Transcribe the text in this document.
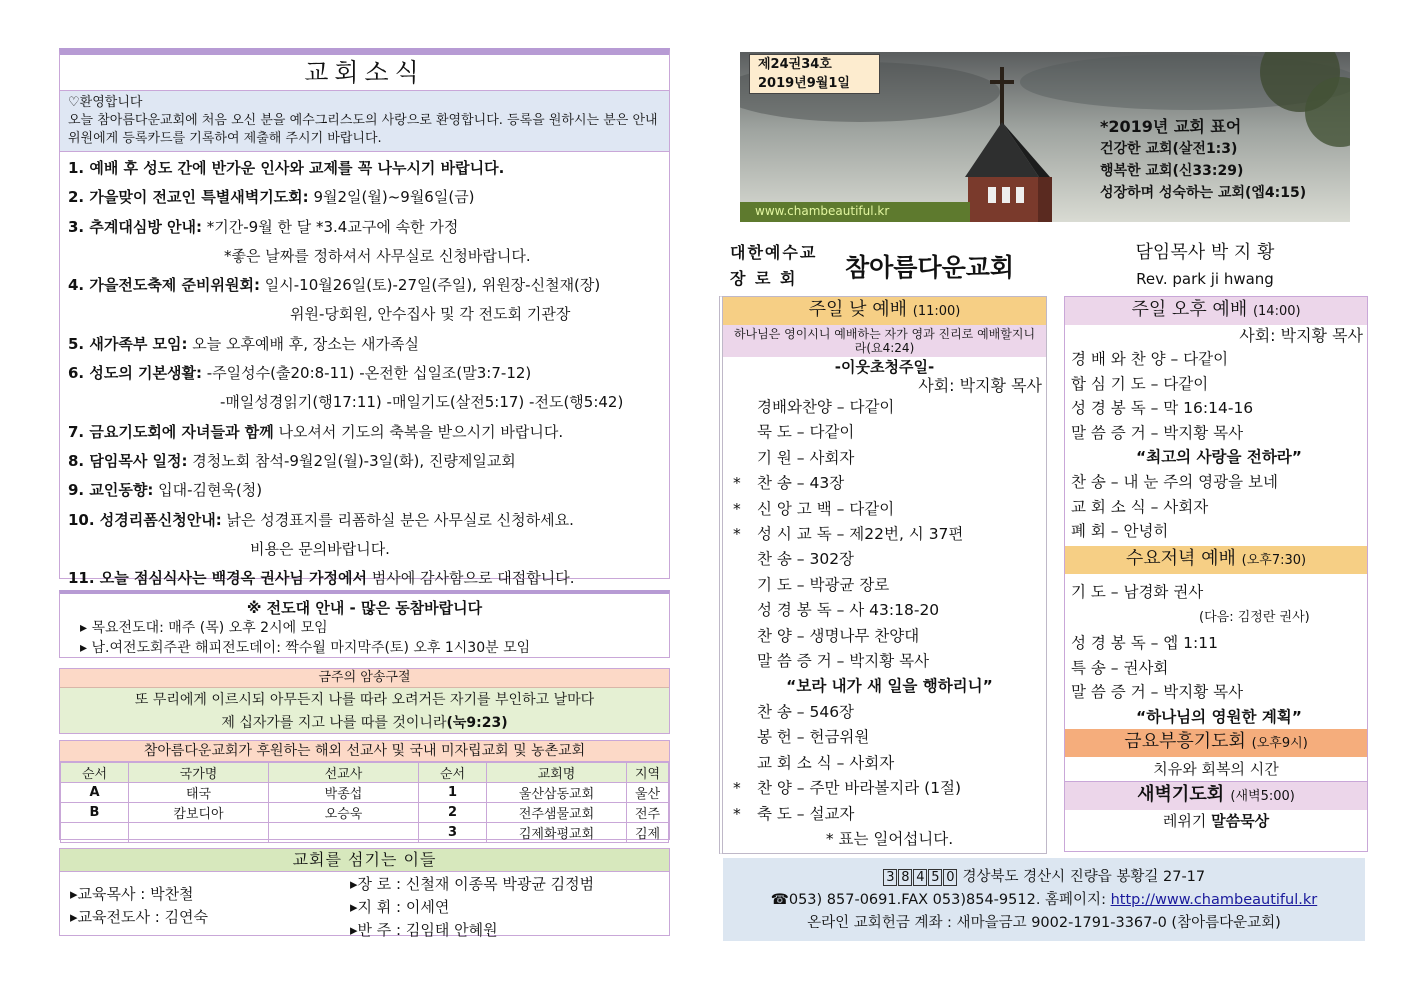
교회소식
♡환영합니다
오늘 참아름다운교회에 처음 오신 분을 예수그리스도의 사랑으로 환영합니다. 등록을 원하시는 분은 안내위원에게 등록카드를 기록하여 제출해 주시기 바랍니다.
1. 예배 후 성도 간에 반가운 인사와 교제를 꼭 나누시기 바랍니다.
2. 가을맞이 전교인 특별새벽기도회: 9월2일(월)~9월6일(금)
3. 추계대심방 안내: *기간-9월 한 달 *3.4교구에 속한 가정
*좋은 날짜를 정하셔서 사무실로 신청바랍니다.
4. 가을전도축제 준비위원회: 일시-10월26일(토)-27일(주일), 위원장-신철재(장)
위원-당회원, 안수집사 및 각 전도회 기관장
5. 새가족부 모임: 오늘 오후예배 후, 장소는 새가족실
6. 성도의 기본생활: -주일성수(출20:8-11) -온전한 십일조(말3:7-12)
-매일성경읽기(행17:11) -매일기도(살전5:17) -전도(행5:42)
7. 금요기도회에 자녀들과 함께 나오셔서 기도의 축복을 받으시기 바랍니다.
8. 담임목사 일정: 경청노회 참석-9월2일(월)-3일(화), 진량제일교회
9. 교인동향: 입대-김현욱(청)
10. 성경리폼신청안내: 낡은 성경표지를 리폼하실 분은 사무실로 신청하세요.
비용은 문의바랍니다.
11. 오늘 점심식사는 백경옥 권사님 가정에서 범사에 감사함으로 대접합니다.
※ 전도대 안내 - 많은 동참바랍니다
▸ 목요전도대: 매주 (목) 오후 2시에 모임
▸ 남.여전도회주관 해피전도데이: 짝수월 마지막주(토) 오후 1시30분 모임
금주의 암송구절
또 무리에게 이르시되 아무든지 나를 따라 오려거든 자기를 부인하고 날마다
제 십자가를 지고 나를 따를 것이니라(눅9:23)
참아름다운교회가 후원하는 해외 선교사 및 국내 미자립교회 및 농촌교회
순서	국가명	선교사	순서	교회명	지역
A	태국	박종섭	1	울산삼동교회	울산
B	캄보디아	오승욱	2	전주샘물교회	전주
			3	김제화평교회	김제
교회를 섬기는 이들
▸교육목사 : 박찬철
▸교육전도사 : 김연숙
▸장 로 : 신철재 이종목 박광균 김정범
▸지 휘 : 이세연
▸반 주 : 김임태 안혜원
제24권34호
2019년9월1일
*2019년 교회 표어
건강한 교회(살전1:3)
행복한 교회(신33:29)
성장하며 성숙하는 교회(엡4:15)
www.chambeautiful.kr
대한예수교
장 로 회	참아름다운교회
담임목사 박 지 황
Rev. park ji hwang
주일 낮 예배 (11:00)
하나님은 영이시니 예배하는 자가 영과 진리로 예배할지니라(요4:24)
-이웃초청주일-
사회: 박지황 목사
경배와찬양 – 다같이
묵 도 – 다같이
기 원 – 사회자
* 찬 송 – 43장
* 신 앙 고 백 – 다같이
* 성 시 교 독 – 제22번, 시 37편
찬 송 – 302장
기 도 – 박광균 장로
성 경 봉 독 – 사 43:18-20
찬 양 – 생명나무 찬양대
말 씀 증 거 – 박지황 목사
“보라 내가 새 일을 행하리니”
찬 송 – 546장
봉 헌 – 헌금위원
교 회 소 식 – 사회자
* 찬 양 – 주만 바라볼지라 (1절)
* 축 도 – 설교자
* 표는 일어섭니다.
주일 오후 예배 (14:00)
사회: 박지황 목사
경 배 와 찬 양 – 다같이
합 심 기 도 – 다같이
성 경 봉 독 – 막 16:14-16
말 씀 증 거 – 박지황 목사
“최고의 사랑을 전하라”
찬 송 – 내 눈 주의 영광을 보네
교 회 소 식 – 사회자
폐 회 – 안녕히
수요저녁 예배 (오후7:30)
기 도 – 남경화 권사
(다음: 김정란 권사)
성 경 봉 독 – 엡 1:11
특 송 – 권사회
말 씀 증 거 – 박지황 목사
“하나님의 영원한 계획”
금요부흥기도회 (오후9시)
치유와 회복의 시간
새벽기도회 (새벽5:00)
레위기 말씀묵상
3 8 4 5 0 경상북도 경산시 진량읍 봉황길 27-17
☎053) 857-0691.FAX 053)854-9512. 홈페이지: http://www.chambeautiful.kr
온라인 교회헌금 계좌 : 새마을금고 9002-1791-3367-0 (참아름다운교회)
